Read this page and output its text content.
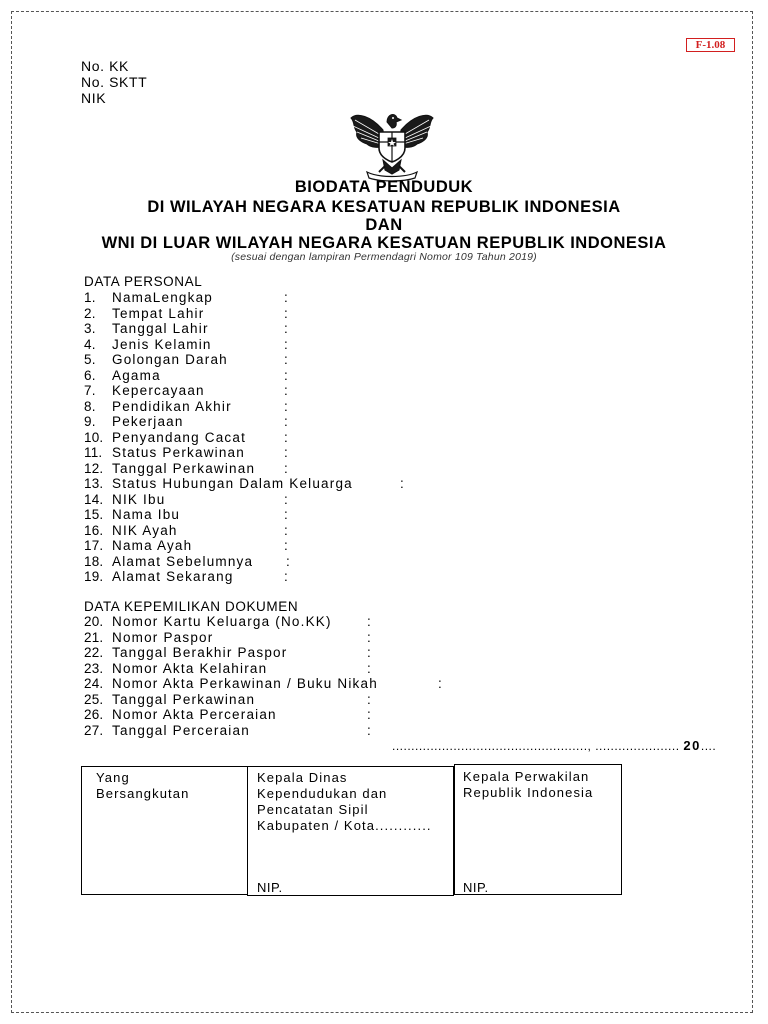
F-1.08
No. KK
No. SKTT
NIK
BIODATA PENDUDUK
DI WILAYAH NEGARA KESATUAN REPUBLIK INDONESIA
DAN
WNI DI LUAR WILAYAH NEGARA KESATUAN REPUBLIK INDONESIA
(sesuai dengan lampiran Permendagri Nomor 109 Tahun 2019)
DATA PERSONAL
1. NamaLengkap	:
2. Tempat Lahir	:
3. Tanggal Lahir	:
4. Jenis Kelamin	:
5. Golongan Darah	:
6. Agama	:
7. Kepercayaan	:
8. Pendidikan Akhir	:
9. Pekerjaan	:
10. Penyandang Cacat	:
11. Status Perkawinan	:
12. Tanggal Perkawinan :
13. Status Hubungan Dalam Keluarga	:
14. NIK Ibu	:
15. Nama Ibu	:
16. NIK Ayah	:
17. Nama Ayah	:
18. Alamat Sebelumnya :
19. Alamat Sekarang	:
DATA KEPEMILIKAN DOKUMEN
20. Nomor Kartu Keluarga (No.KK)	:
21. Nomor Paspor	:
22. Tanggal Berakhir Paspor	:
23. Nomor Akta Kelahiran	:
24. Nomor Akta Perkawinan / Buku Nikah	:
25. Tanggal Perkawinan	:
26. Nomor Akta Perceraian	:
27. Tanggal Perceraian	:
..................................................., ...................... 20....
Yang
Bersangkutan
Kepala Dinas
Kependudukan dan
Pencatatan Sipil
Kabupaten / Kota............
Kepala Perwakilan
Republik Indonesia
NIP.	NIP.
